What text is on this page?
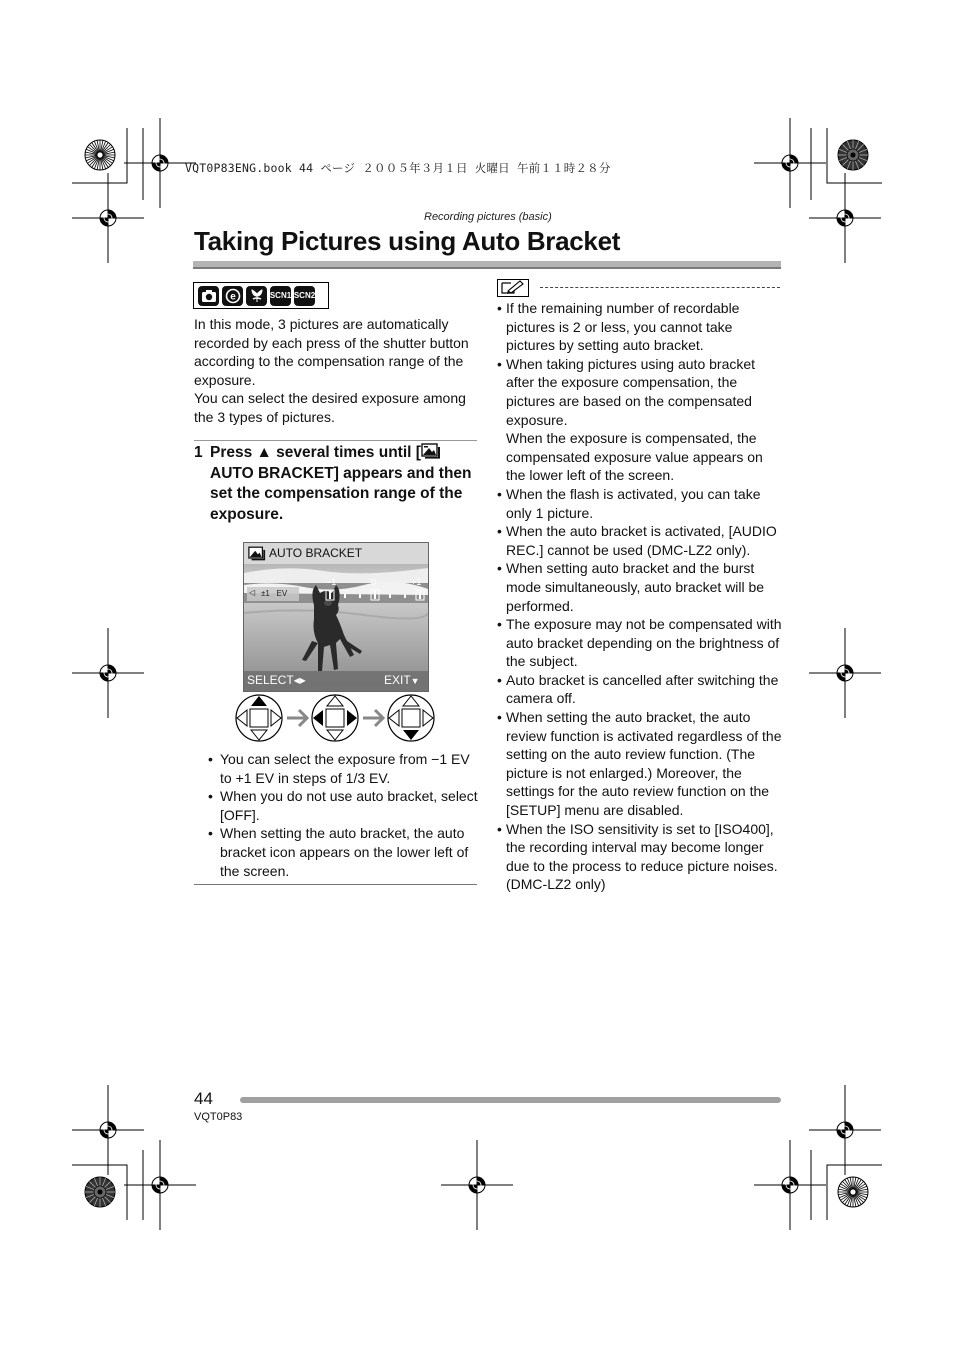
VQT0P83ENG.book 44 ページ ２００５年３月１日 火曜日 午前１１時２８分
Recording pictures (basic)
Taking Pictures using Auto Bracket
e	SCN1 SCN2

In this mode, 3 pictures are automatically recorded by each press of the shutter button according to the compensation range of the exposure.

You can select the desired exposure among the 3 types of pictures.

1 Press ▲ several times until [ AUTO BRACKET] appears and then set the compensation range of the exposure.
AUTO BRACKET
◁ ±1   EV
−1	0	+1
SELECT◂▸	EXIT▼
• You can select the exposure from −1 EV to +1 EV in steps of 1/3 EV.
• When you do not use auto bracket, select [OFF].
• When setting the auto bracket, the auto bracket icon appears on the lower left of the screen.
• If the remaining number of recordable pictures is 2 or less, you cannot take pictures by setting auto bracket.
• When taking pictures using auto bracket after the exposure compensation, the pictures are based on the compensated exposure.
When the exposure is compensated, the compensated exposure value appears on the lower left of the screen.
• When the flash is activated, you can take only 1 picture.
• When the auto bracket is activated, [AUDIO REC.] cannot be used (DMC-LZ2 only).
• When setting auto bracket and the burst mode simultaneously, auto bracket will be performed.
• The exposure may not be compensated with auto bracket depending on the brightness of the subject.
• Auto bracket is cancelled after switching the camera off.
• When setting the auto bracket, the auto review function is activated regardless of the setting on the auto review function. (The picture is not enlarged.) Moreover, the settings for the auto review function on the [SETUP] menu are disabled.
• When the ISO sensitivity is set to [ISO400], the recording interval may become longer due to the process to reduce picture noises. (DMC-LZ2 only)
44
VQT0P83
